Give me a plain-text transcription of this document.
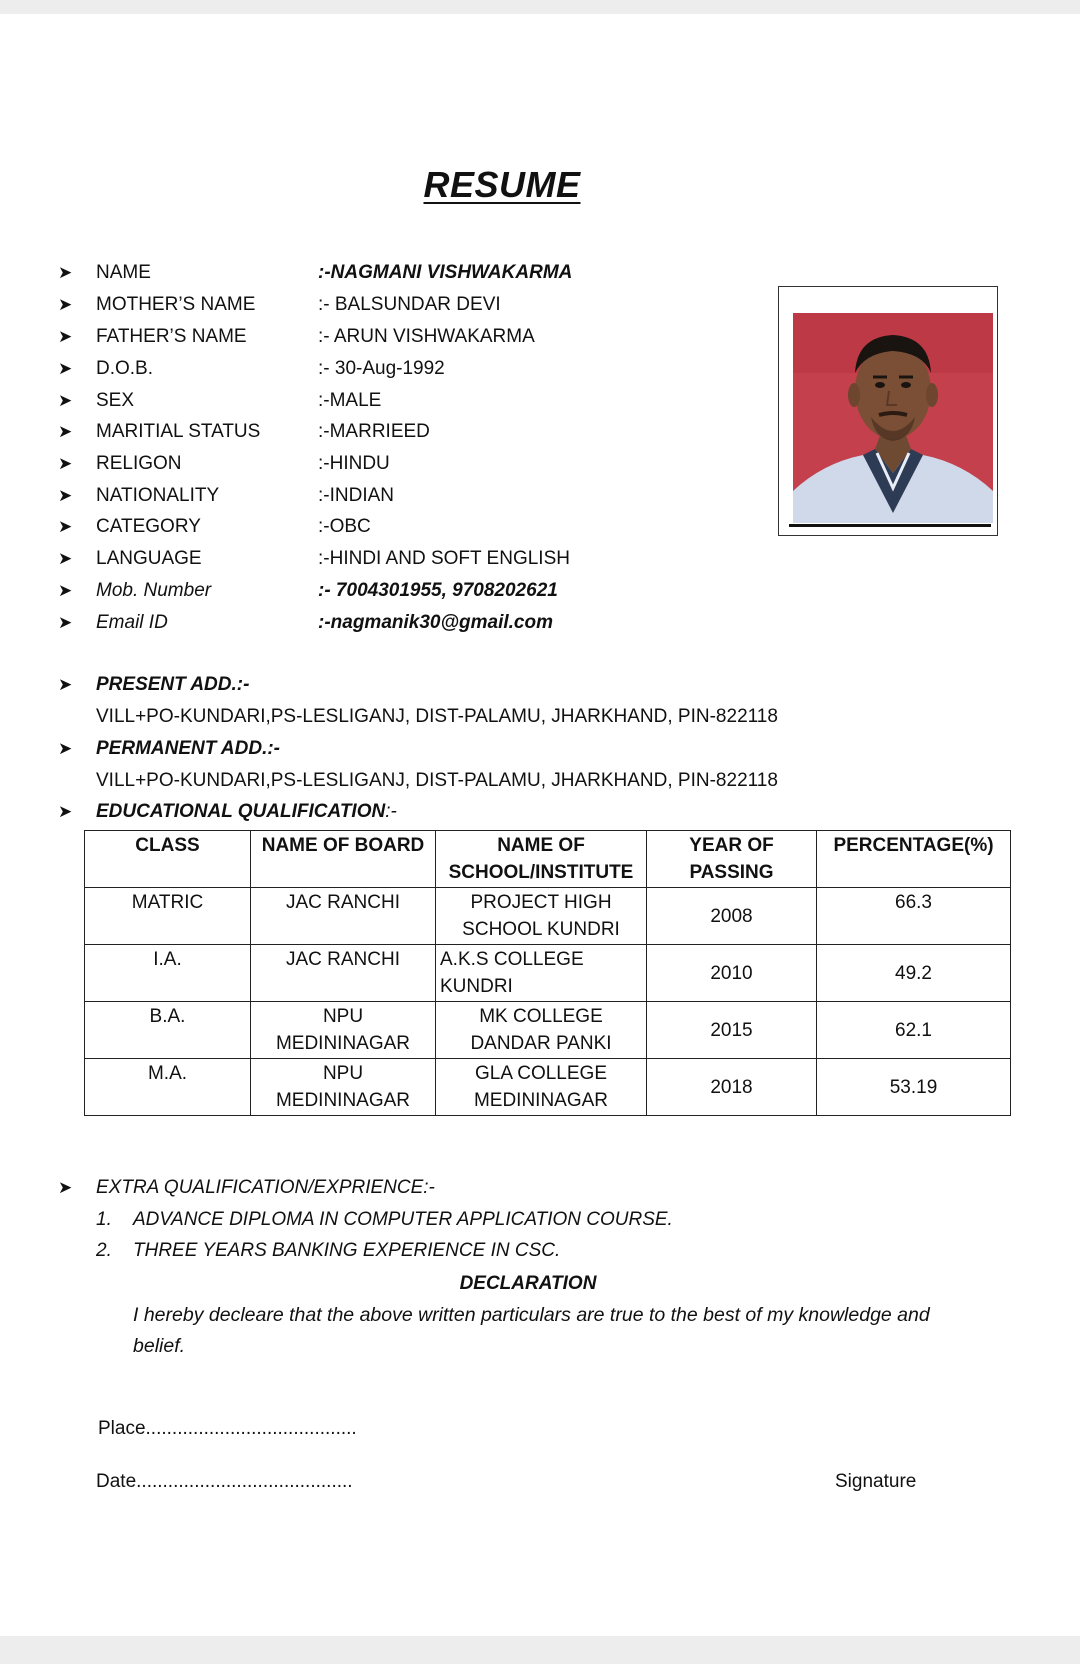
RESUME
➤ NAME	:-NAGMANI VISHWAKARMA
➤ MOTHER’S NAME	:- BALSUNDAR DEVI
➤ FATHER’S NAME	:- ARUN VISHWAKARMA
➤ D.O.B.	:- 30-Aug-1992
➤ SEX	:-MALE
➤ MARITIAL STATUS	:-MARRIEED
➤ RELIGON	:-HINDU
➤ NATIONALITY	:-INDIAN
➤ CATEGORY	:-OBC
➤ LANGUAGE	:-HINDI AND SOFT ENGLISH
➤ Mob. Number	:- 7004301955, 9708202621
➤ Email ID	:-nagmanik30@gmail.com
➤ PRESENT ADD.:-
VILL+PO-KUNDARI,PS-LESLIGANJ, DIST-PALAMU, JHARKHAND, PIN-822118
➤ PERMANENT ADD.:-
VILL+PO-KUNDARI,PS-LESLIGANJ, DIST-PALAMU, JHARKHAND, PIN-822118
➤ EDUCATIONAL QUALIFICATION:-
CLASS	NAME OF BOARD	NAME OF SCHOOL/INSTITUTE	YEAR OF PASSING	PERCENTAGE(%)
MATRIC	JAC RANCHI	PROJECT HIGH SCHOOL KUNDRI	2008	66.3
I.A.	JAC RANCHI	A.K.S COLLEGE KUNDRI	2010	49.2
B.A.	NPU MEDININAGAR	MK COLLEGE DANDAR PANKI	2015	62.1
M.A.	NPU MEDININAGAR	GLA COLLEGE MEDININAGAR	2018	53.19
➤ EXTRA QUALIFICATION/EXPRIENCE:-
1. ADVANCE DIPLOMA IN COMPUTER APPLICATION COURSE.
2. THREE YEARS BANKING EXPERIENCE IN CSC.
DECLARATION
I hereby decleare that the above written particulars are true to the best of my knowledge and belief.
Place........................................
Date.........................................	Signature
